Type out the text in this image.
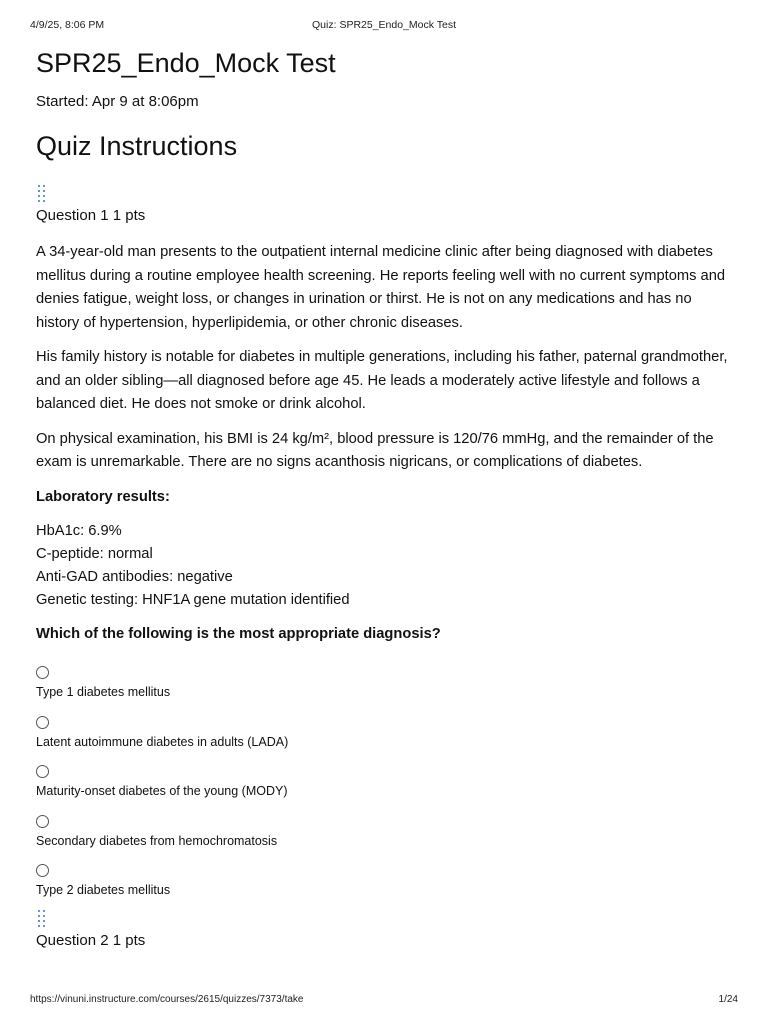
4/9/25, 8:06 PM	Quiz: SPR25_Endo_Mock Test
SPR25_Endo_Mock Test
Started: Apr 9 at 8:06pm
Quiz Instructions
Question 1 1 pts

A 34-year-old man presents to the outpatient internal medicine clinic after being diagnosed with diabetes mellitus during a routine employee health screening. He reports feeling well with no current symptoms and denies fatigue, weight loss, or changes in urination or thirst. He is not on any medications and has no history of hypertension, hyperlipidemia, or other chronic diseases.

His family history is notable for diabetes in multiple generations, including his father, paternal grandmother, and an older sibling—all diagnosed before age 45. He leads a moderately active lifestyle and follows a balanced diet. He does not smoke or drink alcohol.

On physical examination, his BMI is 24 kg/m², blood pressure is 120/76 mmHg, and the remainder of the exam is unremarkable. There are no signs acanthosis nigricans, or complications of diabetes.

Laboratory results:
HbA1c: 6.9%
C-peptide: normal
Anti-GAD antibodies: negative
Genetic testing: HNF1A gene mutation identified
Which of the following is the most appropriate diagnosis?
Type 1 diabetes mellitus
Latent autoimmune diabetes in adults (LADA)
Maturity-onset diabetes of the young (MODY)
Secondary diabetes from hemochromatosis
Type 2 diabetes mellitus
Question 2 1 pts
https://vinuni.instructure.com/courses/2615/quizzes/7373/take	1/24
